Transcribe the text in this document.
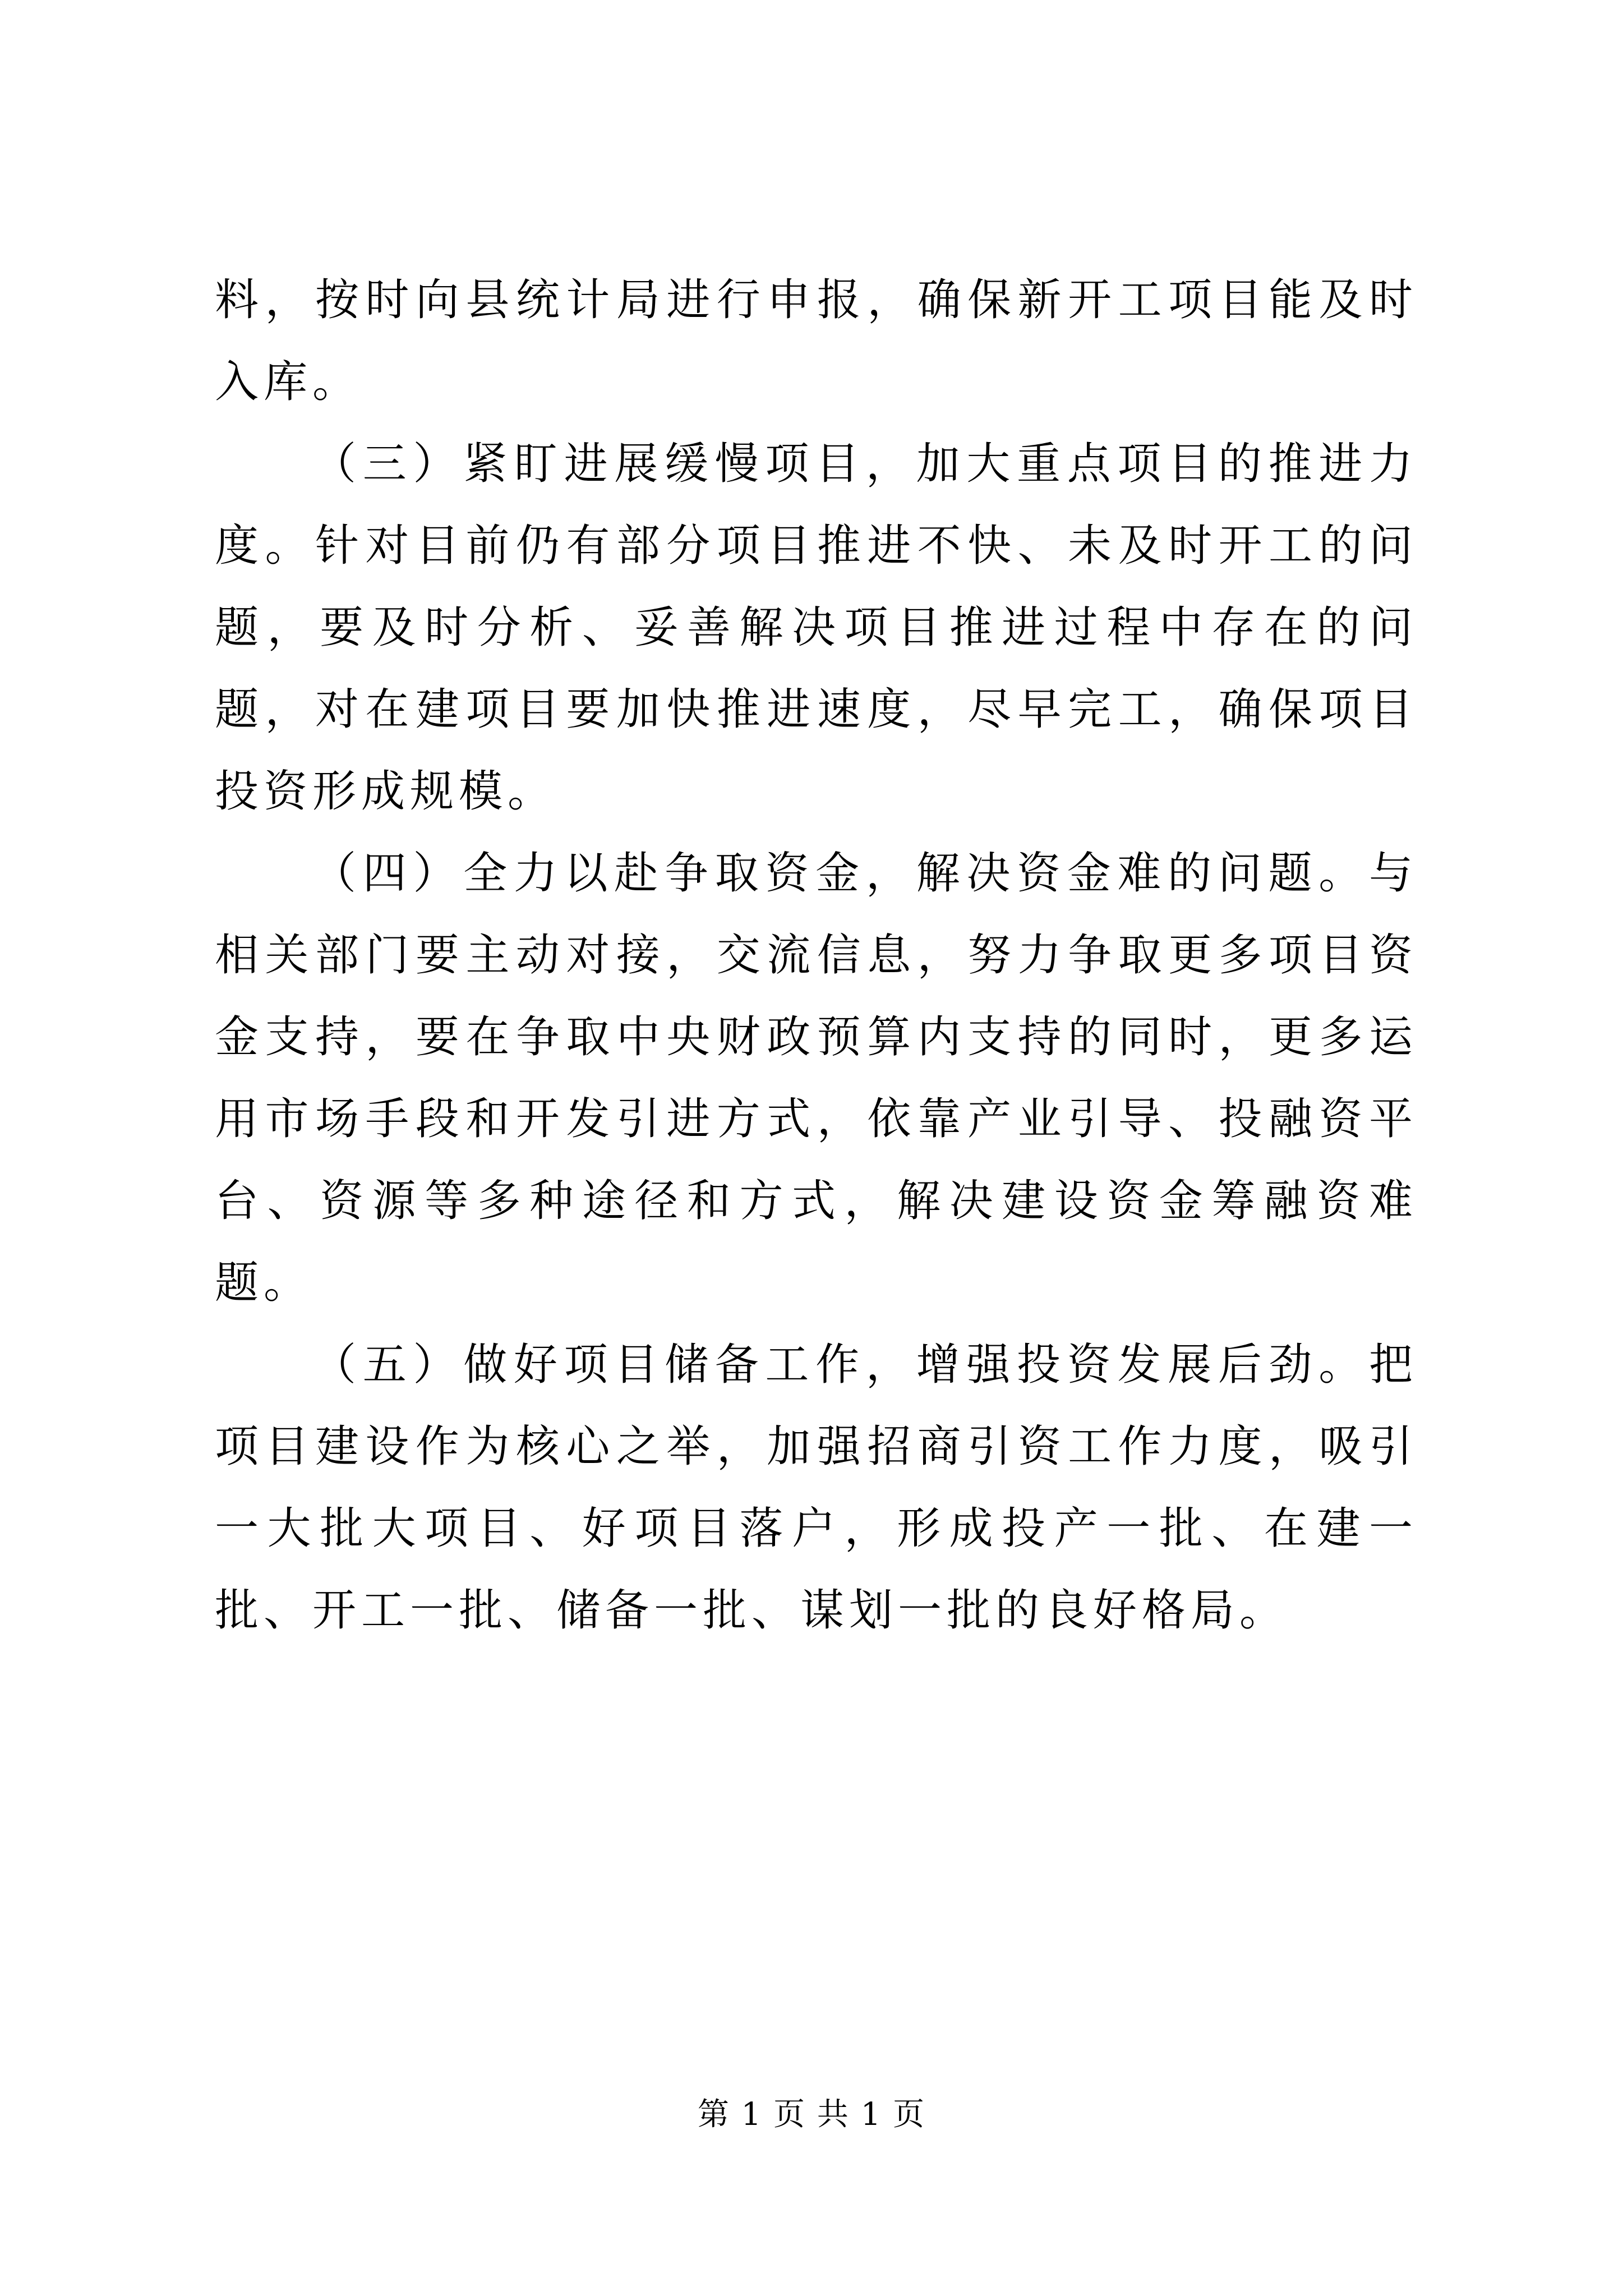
料，按时向县统计局进行申报，确保新开工项目能及时入库。

（三）紧盯进展缓慢项目，加大重点项目的推进力度。针对目前仍有部分项目推进不快、未及时开工的问题，要及时分析、妥善解决项目推进过程中存在的问题，对在建项目要加快推进速度，尽早完工，确保项目投资形成规模。

（四）全力以赴争取资金，解决资金难的问题。与相关部门要主动对接，交流信息，努力争取更多项目资金支持，要在争取中央财政预算内支持的同时，更多运用市场手段和开发引进方式，依靠产业引导、投融资平台、资源等多种途径和方式，解决建设资金筹融资难题。

（五）做好项目储备工作，增强投资发展后劲。把项目建设作为核心之举，加强招商引资工作力度，吸引一大批大项目、好项目落户，形成投产一批、在建一批、开工一批、储备一批、谋划一批的良好格局。

第 1 页 共 1 页
